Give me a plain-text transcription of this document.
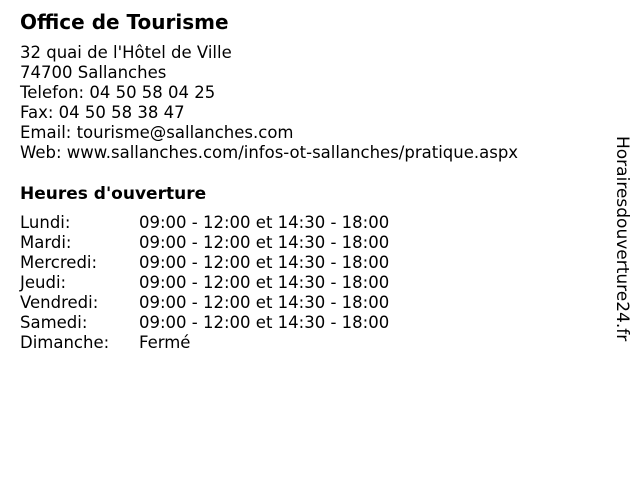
Office de Tourisme
32 quai de l'Hôtel de Ville
74700 Sallanches
Telefon: 04 50 58 04 25
Fax: 04 50 58 38 47
Email: tourisme@sallanches.com
Web: www.sallanches.com/infos-ot-sallanches/pratique.aspx
Heures d'ouverture
Lundi:	09:00 - 12:00 et 14:30 - 18:00
Mardi:	09:00 - 12:00 et 14:30 - 18:00
Mercredi:	09:00 - 12:00 et 14:30 - 18:00
Jeudi:	09:00 - 12:00 et 14:30 - 18:00
Vendredi:	09:00 - 12:00 et 14:30 - 18:00
Samedi:	09:00 - 12:00 et 14:30 - 18:00
Dimanche:	Fermé
Horairesdouverture24.fr
